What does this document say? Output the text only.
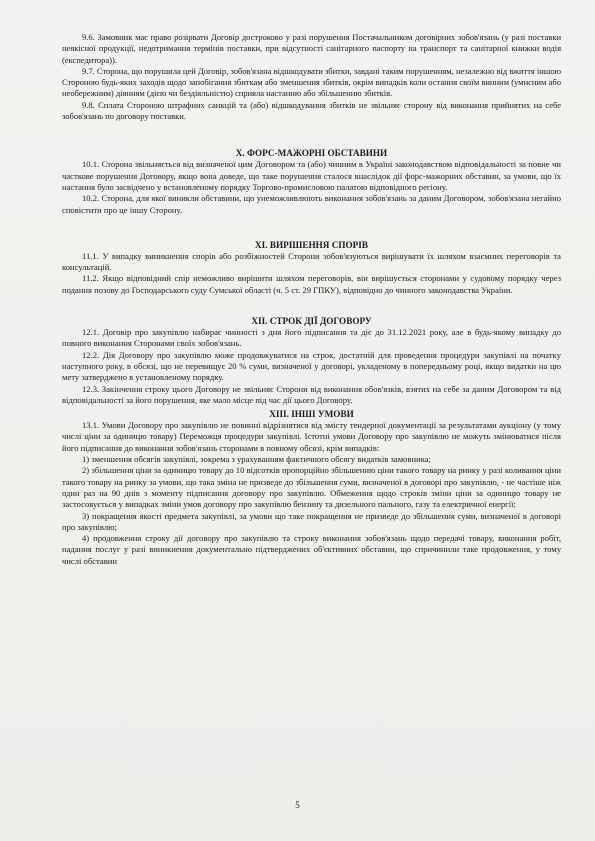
9.6. Замовник має право розірвати Договір достроково у разі порушення Постачальником договірних зобов'язань (у разі поставки неякісної продукції, недотримання термінів поставки, при відсутності санітарного паспорту на транспорт та санітарної книжки водія (експедитора)).

9.7. Сторона, що порушила цей Договір, зобов'язана відшкодувати збитки, завдані таким порушенням, незалежно від вжиття іншою Стороною будь-яких заходів щодо запобігання збиткам або зменшення збитків, окрім випадків коли остання своїм винним (умисним або необережним) дiянням (дією чи бездіяльністю) сприяла настанню або збільшенню збитків.

9.8. Сплата Стороною штрафних санкцій та (або) відшкодування збитків не звільняє сторону від виконання прийнятих на себе зобов'язань по договору поставки.

X. ФОРС-МАЖОРНІ ОБСТАВИНИ

10.1. Сторона звільняється від визначеної цим Договором та (або) чинним в Україні законодавством відповідальності за повне чи часткове порушення Договору, якщо вона доведе, що таке порушення сталося внаслідок дії форс-мажорних обставин, за умови, що їх настання було засвідчено у встановленому порядку Торгово-промисловою палатою відповідного регіону.

10.2. Сторона, для якої виникли обставини, що унеможливлюють виконання зобов'язань за даним Договором, зобов'язана негайно сповістити про це іншу Сторону.

XI. ВИРІШЕННЯ СПОРІВ

11.1. У випадку виникнення спорів або розбіжностей Сторони зобов'язуються вирішувати їх шляхом взаємних переговорів та консультацій.

11.2. Якщо відповідний спір неможливо вирішити шляхом переговорів, він вирішується сторонами у судовому порядку через подання позову до Господарського суду Сумської області (ч. 5 ст. 29 ГПКУ), відповідно до чинного законодавства України.

XII. СТРОК ДІЇ ДОГОВОРУ

12.1. Договір про закупівлю набирає чинності з дня його підписання та діє до 31.12.2021 року, але в будь-якому випадку до повного виконання Сторонами своїх зобов'язань.

12.2. Дія Договору про закупівлю може продовжуватися на строк, достатній для проведення процедури закупівлі на початку наступного року, в обсязі, що не перевищує 20 % суми, визначеної у договорі, укладеному в попередньому році, якщо видатки на цю мету затверджено в установленому порядку.

12.3. Закінчення строку цього Договору не звільняє Сторони від виконання обов'язків, взятих на себе за даним Договором та від відповідальності за його порушення, яке мало місце під час дії цього Договору.

XIII. ІНШІ УМОВИ

13.1. Умови Договору про закупівлю не повинні відрізнятися від змісту тендерної документації за результатами аукціону (у тому числі ціни за одиницю товару) Переможця процедури закупівлі. Істотні умови Договору про закупівлю не можуть змінюватися після його підписання до виконання зобов'язань сторонами в повному обсязі, крім випадків:

1) зменшення обсягів закупівлі, зокрема з урахуванням фактичного обсягу видатків замовника;

2) збільшення ціни за одиницю товару до 10 відсотків пропорційно збільшенню ціни такого товару на ринку у разі коливання ціни такого товару на ринку за умови, що така зміна не призведе до збільшення суми, визначеної в договорі про закупівлю, - не частіше ніж один раз на 90 днів з моменту підписання договору про закупівлю. Обмеження щодо строків зміни ціни за одиницю товару не застосовується у випадках зміни умов договору про закупівлю бензину та дизельного пального, газу та електричної енергії;

3) покращення якості предмета закупівлі, за умови що таке покращення не призведе до збільшення суми, визначеної в договорі про закупівлю;

4) продовження строку дії договору про закупівлю та строку виконання зобов'язань щодо передачі товару, виконання робіт, надання послуг у разі виникнення документально підтверджених об'єктивних обставин, що спричинили таке продовження, у тому числі обставин

5
